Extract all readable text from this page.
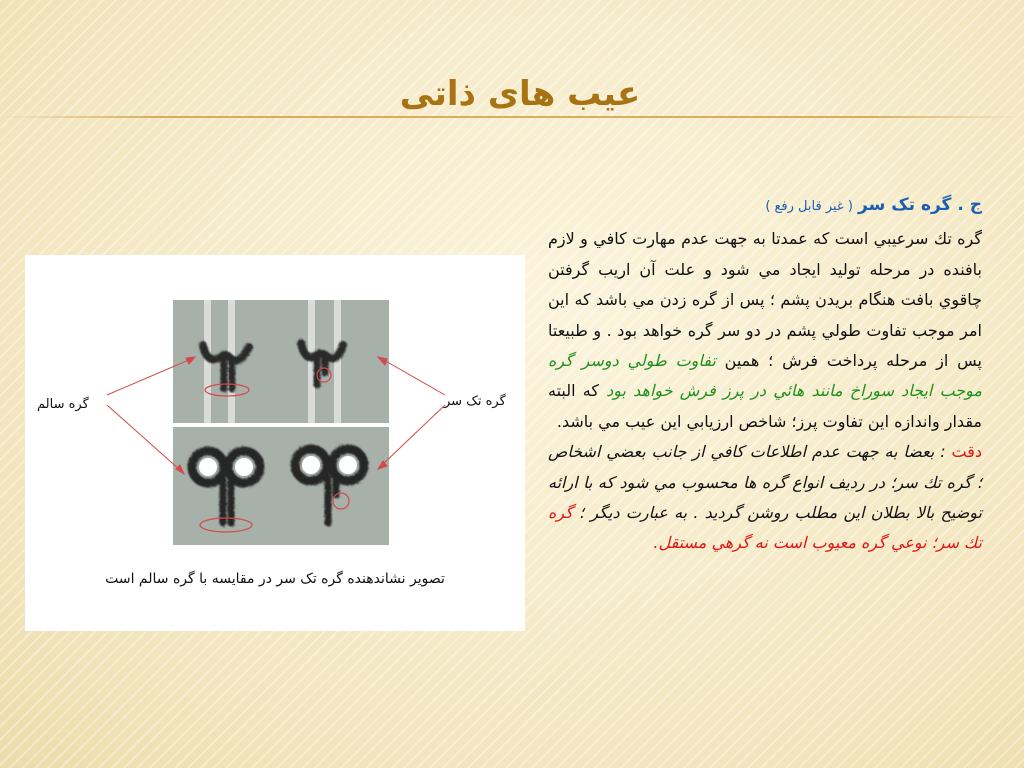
عیب های ذاتی
ج . گره تک سر ( غیر قابل رفع )
گره تك سرعيبي است كه عمدتا به جهت عدم مهارت كافي و لازم بافنده در مرحله توليد ايجاد مي شود و علت آن اريب گرفتن چاقوي بافت هنگام بريدن پشم ؛ پس از گره زدن مي باشد كه اين امر موجب تفاوت طولي پشم در دو سر گره خواهد بود . و طبيعتا پس از مرحله پرداخت فرش ؛ همين تفاوت طولي دوسر گره موجب ايجاد سوراخ مانند هائي در پرز فرش خواهد بود كه البته مقدار واندازه اين تفاوت پرز؛ شاخص ارزيابي اين عيب مي باشد.
دقت : بعضا به جهت عدم اطلاعات كافي از جانب بعضي اشخاص ؛ گره تك سر؛ در رديف انواع گره ها محسوب مي شود كه با ارائه توضيح بالا بطلان اين مطلب روشن گرديد . به عبارت ديگر ؛ گره تك سر؛ نوعي گره معيوب است نه گرهي مستقل.
گره سالم	گره تک سر
تصویر نشاندهنده گره تک سر در مقایسه با گره سالم است
